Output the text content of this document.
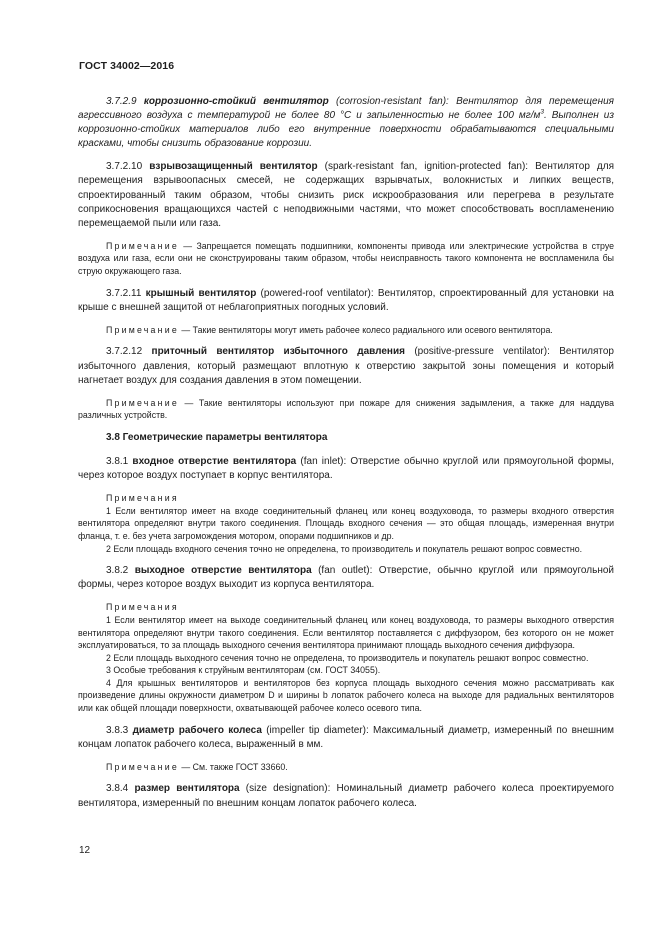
ГОСТ 34002—2016

3.7.2.9 коррозионно-стойкий вентилятор (corrosion-resistant fan): Вентилятор для перемещения агрессивного воздуха с температурой не более 80 °С и запыленностью не более 100 $мг/м^3$. Выполнен из коррозионно-стойких материалов либо его внутренние поверхности обрабатываются специальными красками, чтобы снизить образование коррозии.

3.7.2.10 взрывозащищенный вентилятор (spark-resistant fan, ignition-protected fan): Вентилятор для перемещения взрывоопасных смесей, не содержащих взрывчатых, волокнистых и липких веществ, спроектированный таким образом, чтобы снизить риск искрообразования или перегрева в результате соприкосновения вращающихся частей с неподвижными частями, что может способствовать воспламенению перемещаемой пыли или газа.

Примечание — Запрещается помещать подшипники, компоненты привода или электрические устройства в струе воздуха или газа, если они не сконструированы таким образом, чтобы неисправность такого компонента не воспламенила бы струю окружающего газа.

3.7.2.11 крышный вентилятор (powered-roof ventilator): Вентилятор, спроектированный для установки на крыше с внешней защитой от неблагоприятных погодных условий.

Примечание — Такие вентиляторы могут иметь рабочее колесо радиального или осевого вентилятора.

3.7.2.12 приточный вентилятор избыточного давления (positive-pressure ventilator): Вентилятор избыточного давления, который размещают вплотную к отверстию закрытой зоны помещения и который нагнетает воздух для создания давления в этом помещении.

Примечание — Такие вентиляторы используют при пожаре для снижения задымления, а также для наддува различных устройств.

3.8 Геометрические параметры вентилятора

3.8.1 входное отверстие вентилятора (fan inlet): Отверстие обычно круглой или прямоугольной формы, через которое воздух поступает в корпус вентилятора.

Примечания

1 Если вентилятор имеет на входе соединительный фланец или конец воздуховода, то размеры входного отверстия вентилятора определяют внутри такого соединения. Площадь входного сечения — это общая площадь, измеренная внутри фланца, т. е. без учета загромождения мотором, опорами подшипников и др.

2 Если площадь входного сечения точно не определена, то производитель и покупатель решают вопрос совместно.

3.8.2 выходное отверстие вентилятора (fan outlet): Отверстие, обычно круглой или прямоугольной формы, через которое воздух выходит из корпуса вентилятора.

Примечания

1 Если вентилятор имеет на выходе соединительный фланец или конец воздуховода, то размеры выходного отверстия вентилятора определяют внутри такого соединения. Если вентилятор поставляется с диффузором, без которого он не может эксплуатироваться, то за площадь выходного сечения вентилятора принимают площадь выходного сечения диффузора.

2 Если площадь выходного сечения точно не определена, то производитель и покупатель решают вопрос совместно.

3 Особые требования к струйным вентиляторам (см. ГОСТ 34055).

4 Для крышных вентиляторов и вентиляторов без корпуса площадь выходного сечения можно рассматривать как произведение длины окружности диаметром D и ширины b лопаток рабочего колеса на выходе для радиальных вентиляторов или как общей площади поверхности, охватывающей рабочее колесо осевого типа.

3.8.3 диаметр рабочего колеса (impeller tip diameter): Максимальный диаметр, измеренный по внешним концам лопаток рабочего колеса, выраженный в мм.

Примечание — См. также ГОСТ 33660.

3.8.4 размер вентилятора (size designation): Номинальный диаметр рабочего колеса проектируемого вентилятора, измеренный по внешним концам лопаток рабочего колеса.

12
